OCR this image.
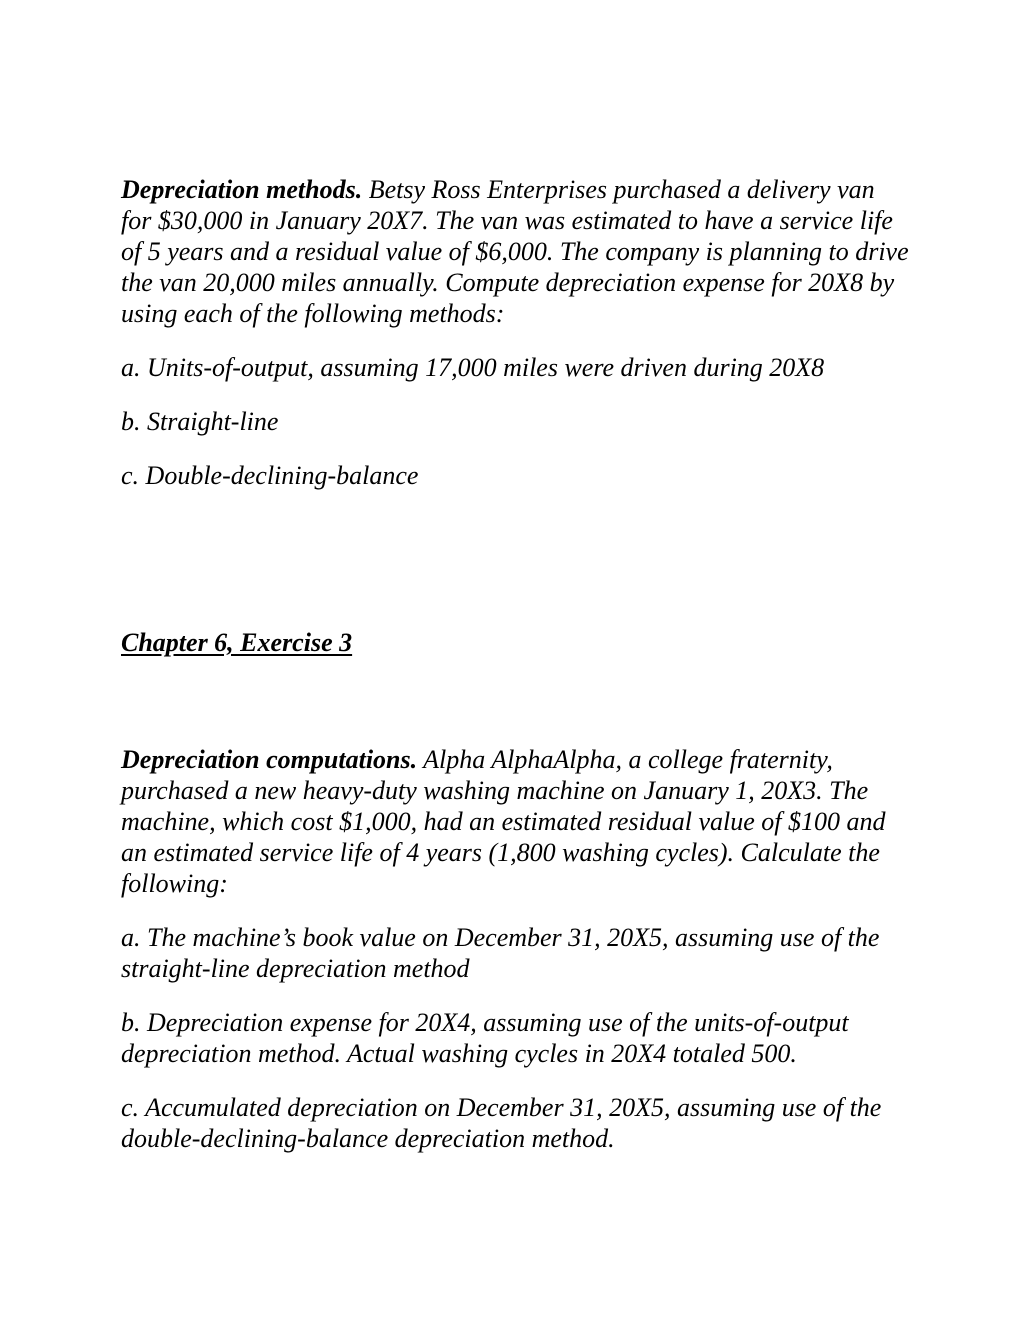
Depreciation methods. Betsy Ross Enterprises purchased a delivery van for $30,000 in January 20X7. The van was estimated to have a service life of 5 years and a residual value of $6,000. The company is planning to drive the van 20,000 miles annually. Compute depreciation expense for 20X8 by using each of the following methods:

a. Units-of-output, assuming 17,000 miles were driven during 20X8

b. Straight-line

c. Double-declining-balance

Chapter 6, Exercise 3

Depreciation computations. Alpha AlphaAlpha, a college fraternity, purchased a new heavy-duty washing machine on January 1, 20X3. The machine, which cost $1,000, had an estimated residual value of $100 and an estimated service life of 4 years (1,800 washing cycles). Calculate the following:

a. The machine’s book value on December 31, 20X5, assuming use of the straight-line depreciation method

b. Depreciation expense for 20X4, assuming use of the units-of-output depreciation method. Actual washing cycles in 20X4 totaled 500.

c. Accumulated depreciation on December 31, 20X5, assuming use of the double-declining-balance depreciation method.
